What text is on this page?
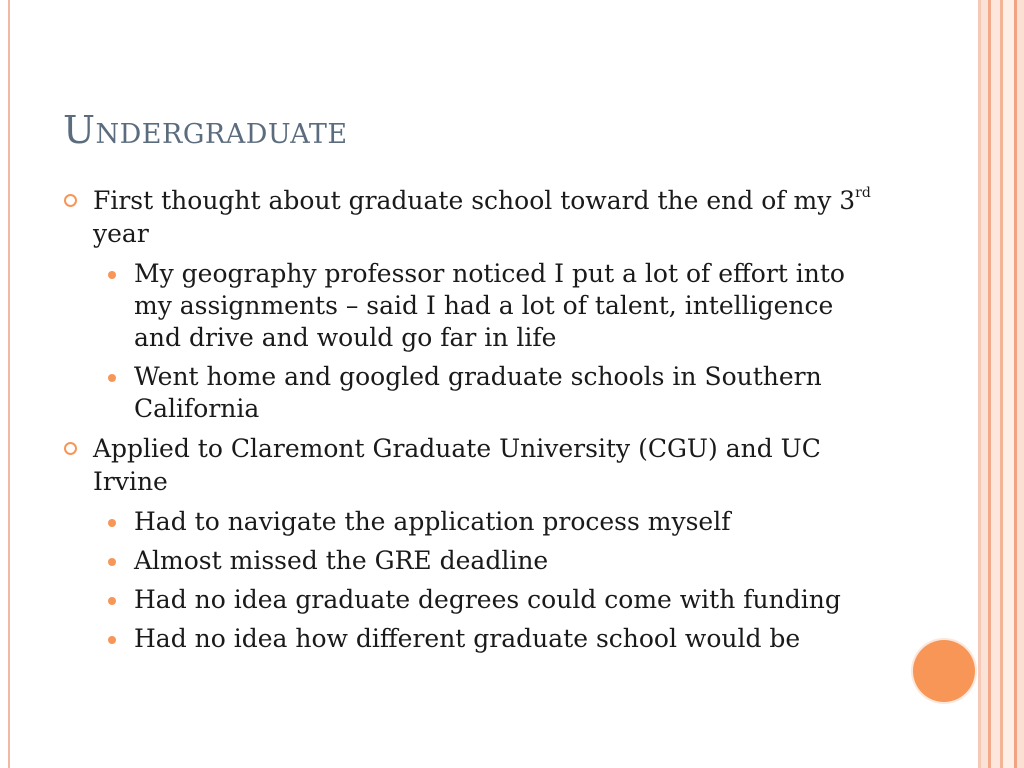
Undergraduate
First thought about graduate school toward the end of my 3rd year
My geography professor noticed I put a lot of effort into my assignments – said I had a lot of talent, intelligence and drive and would go far in life
Went home and googled graduate schools in Southern California
Applied to Claremont Graduate University (CGU) and UC Irvine
Had to navigate the application process myself
Almost missed the GRE deadline
Had no idea graduate degrees could come with funding
Had no idea how different graduate school would be
